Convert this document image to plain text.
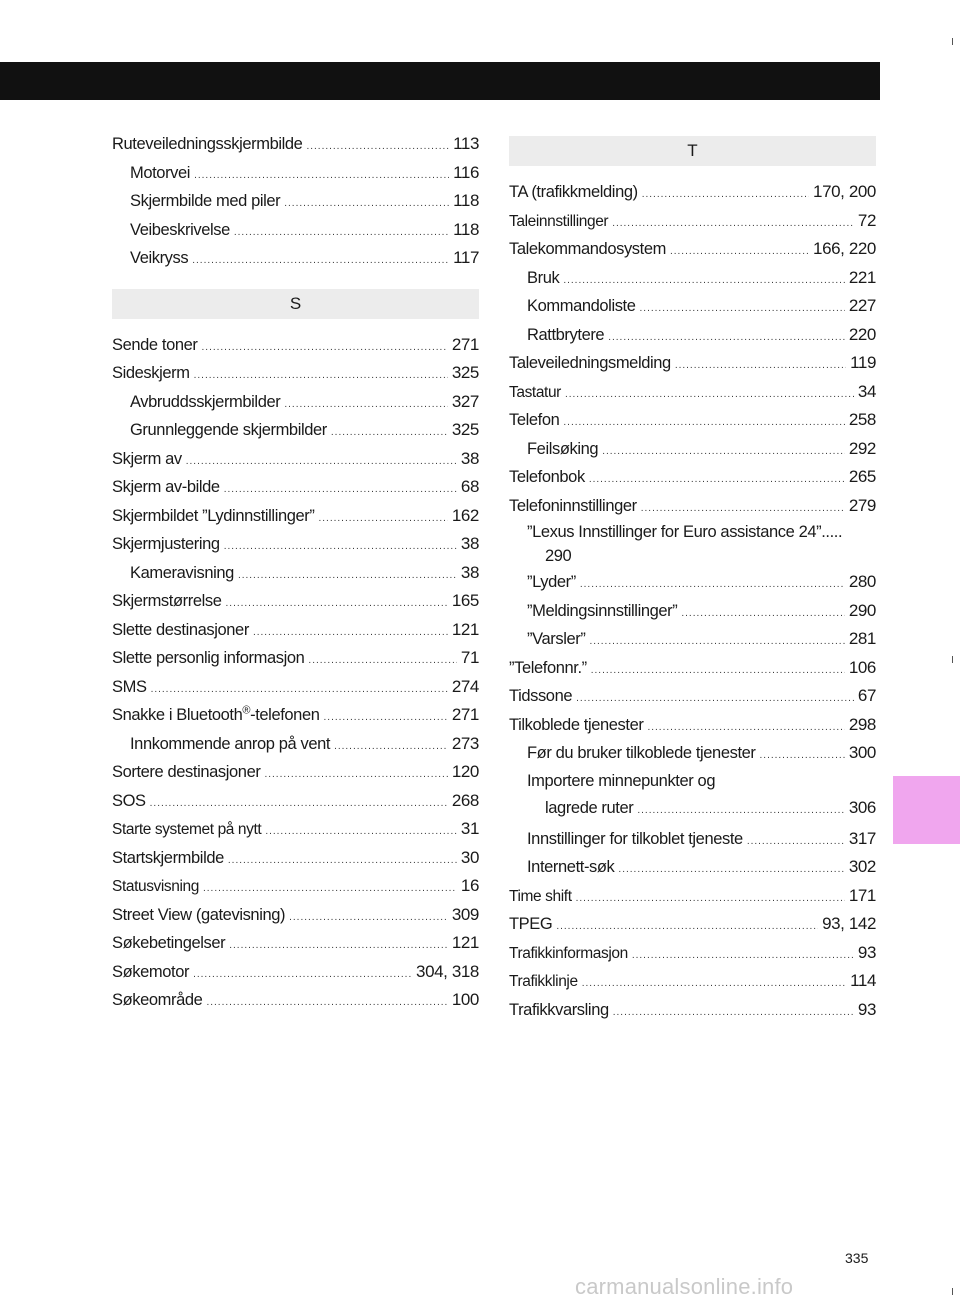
Ruteveiledningsskjermbilde .....	113
Motorvei .....	116
Skjermbilde med piler .....	118
Veibeskrivelse .....	118
Veikryss .....	117
S
Sende toner .....	271
Sideskjerm .....	325
Avbruddsskjermbilder .....	327
Grunnleggende skjermbilder .....	325
Skjerm av .....	38
Skjerm av-bilde .....	68
Skjermbildet ”Lydinnstillinger” .....	162
Skjermjustering .....	38
Kameravisning .....	38
Skjermstørrelse .....	165
Slette destinasjoner .....	121
Slette personlig informasjon .....	71
SMS .....	274
Snakke i Bluetooth®-telefonen .....	271
Innkommende anrop på vent .....	273
Sortere destinasjoner .....	120
SOS .....	268
Starte systemet på nytt .....	31
Startskjermbilde .....	30
Statusvisning .....	16
Street View (gatevisning) .....	309
Søkebetingelser .....	121
Søkemotor .....	304, 318
Søkeområde .....	100
T
TA (trafikkmelding) .....	170, 200
Taleinnstillinger .....	72
Talekommandosystem .....	166, 220
Bruk .....	221
Kommandoliste .....	227
Rattbrytere .....	220
Taleveiledningsmelding .....	119
Tastatur .....	34
Telefon .....	258
Feilsøking .....	292
Telefonbok .....	265
Telefoninnstillinger .....	279
”Lexus Innstillinger for Euro assistance 24”.....
290
”Lyder” .....	280
”Meldingsinnstillinger” .....	290
”Varsler” .....	281
”Telefonnr.” .....	106
Tidssone .....	67
Tilkoblede tjenester .....	298
Før du bruker tilkoblede tjenester .....	300
Importere minnepunkter og
lagrede ruter .....	306
Innstillinger for tilkoblet tjeneste .....	317
Internett-søk .....	302
Time shift .....	171
TPEG .....	93, 142
Trafikkinformasjon .....	93
Trafikklinje .....	114
Trafikkvarsling .....	93
335
carmanualsonline.info
